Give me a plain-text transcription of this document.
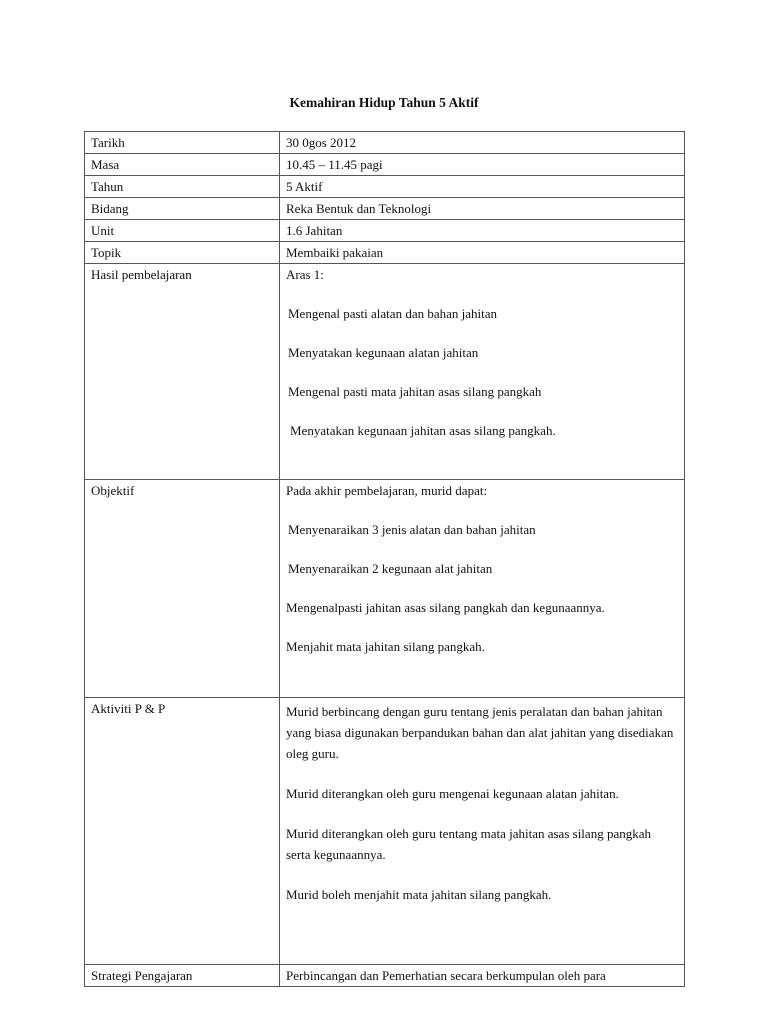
Kemahiran Hidup Tahun 5 Aktif
Tarikh	30 0gos 2012
Masa	10.45 – 11.45 pagi
Tahun	5 Aktif
Bidang	Reka Bentuk dan Teknologi
Unit	1.6 Jahitan
Topik	Membaiki pakaian
Hasil pembelajaran	Aras 1:

Mengenal pasti alatan dan bahan jahitan

Menyatakan kegunaan alatan jahitan

Mengenal pasti mata jahitan asas silang pangkah

Menyatakan kegunaan jahitan asas silang pangkah.

Objektif	Pada akhir pembelajaran, murid dapat:

Menyenaraikan 3 jenis alatan dan bahan jahitan

Menyenaraikan 2 kegunaan alat jahitan

Mengenalpasti jahitan asas silang pangkah dan kegunaannya.

Menjahit mata jahitan silang pangkah.

Aktiviti P & P	Murid berbincang dengan guru tentang jenis peralatan dan bahan jahitan yang biasa digunakan berpandukan bahan dan alat jahitan yang disediakan oleg guru.

Murid diterangkan oleh guru mengenai kegunaan alatan jahitan.

Murid diterangkan oleh guru tentang mata jahitan asas silang pangkah serta kegunaannya.

Murid boleh menjahit mata jahitan silang pangkah.

Strategi Pengajaran	Perbincangan dan Pemerhatian secara berkumpulan oleh para
